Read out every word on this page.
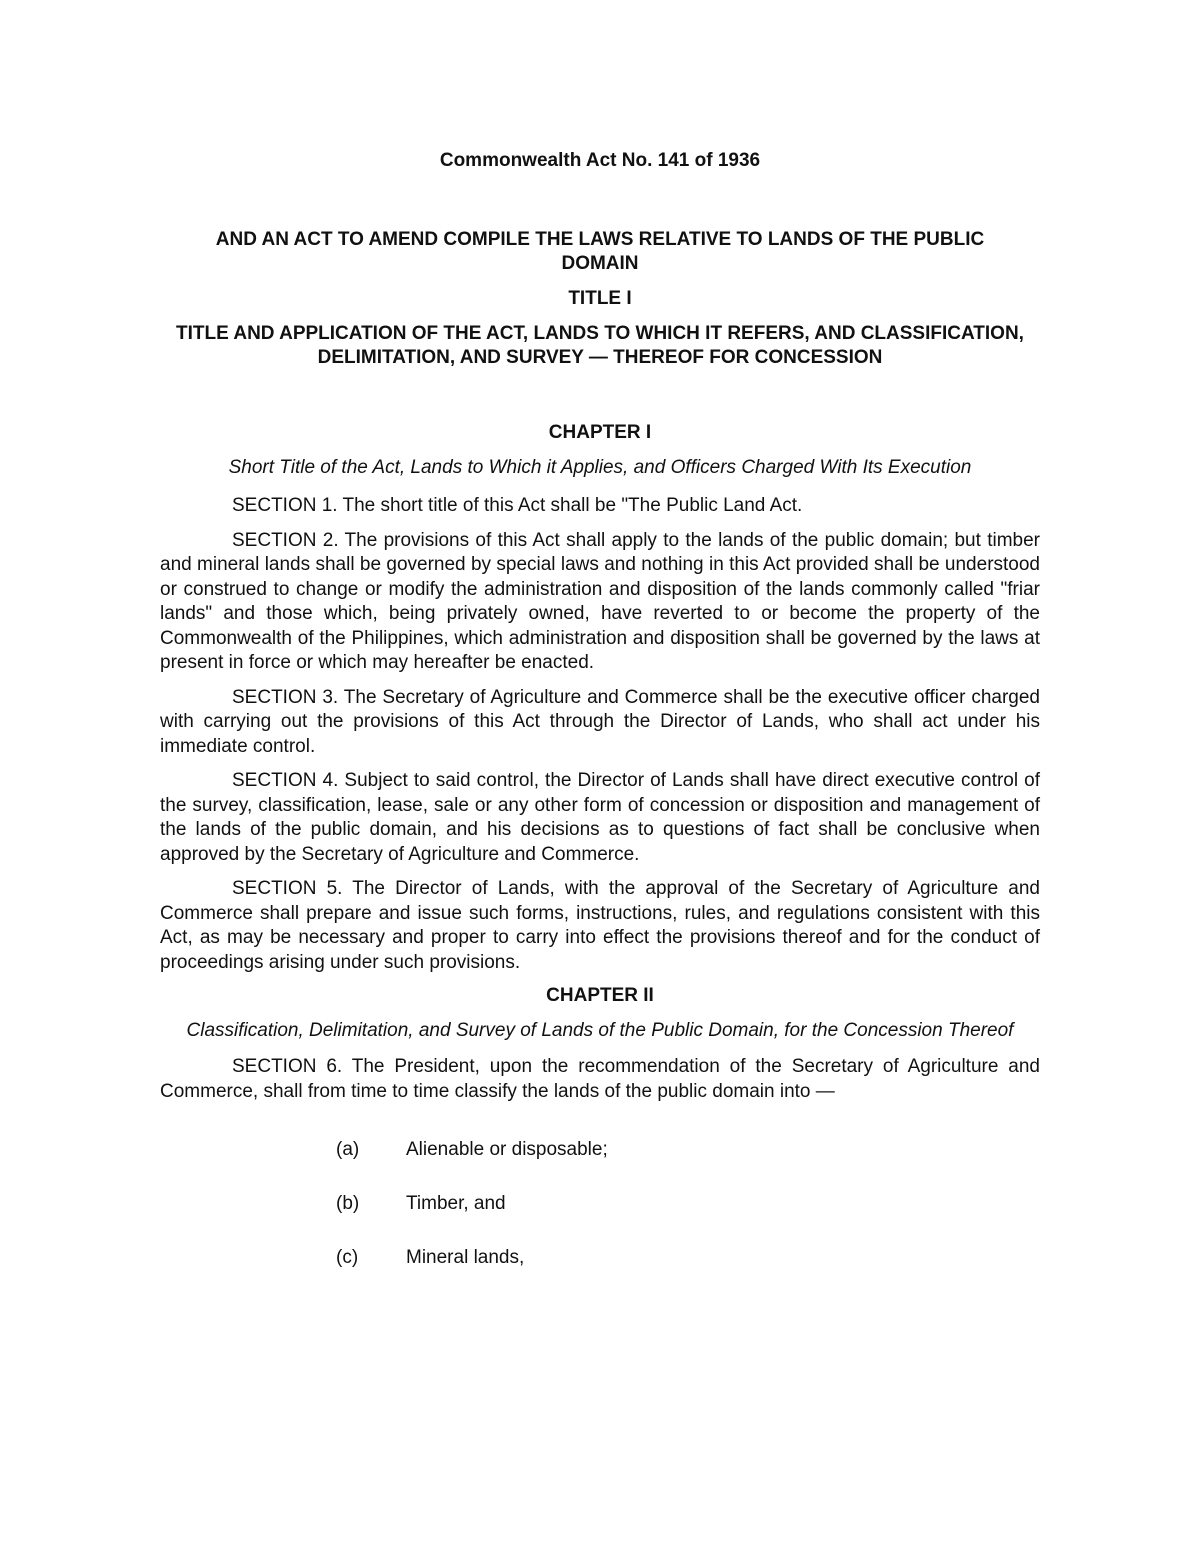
Commonwealth Act No. 141 of 1936

AND AN ACT TO AMEND COMPILE THE LAWS RELATIVE TO LANDS OF THE PUBLIC DOMAIN

TITLE I

TITLE AND APPLICATION OF THE ACT, LANDS TO WHICH IT REFERS, AND CLASSIFICATION, DELIMITATION, AND SURVEY — THEREOF FOR CONCESSION

CHAPTER I

Short Title of the Act, Lands to Which it Applies, and Officers Charged With Its Execution

SECTION 1. The short title of this Act shall be "The Public Land Act.

SECTION 2. The provisions of this Act shall apply to the lands of the public domain; but timber and mineral lands shall be governed by special laws and nothing in this Act provided shall be understood or construed to change or modify the administration and disposition of the lands commonly called "friar lands" and those which, being privately owned, have reverted to or become the property of the Commonwealth of the Philippines, which administration and disposition shall be governed by the laws at present in force or which may hereafter be enacted.

SECTION 3. The Secretary of Agriculture and Commerce shall be the executive officer charged with carrying out the provisions of this Act through the Director of Lands, who shall act under his immediate control.

SECTION 4. Subject to said control, the Director of Lands shall have direct executive control of the survey, classification, lease, sale or any other form of concession or disposition and management of the lands of the public domain, and his decisions as to questions of fact shall be conclusive when approved by the Secretary of Agriculture and Commerce.

SECTION 5. The Director of Lands, with the approval of the Secretary of Agriculture and Commerce shall prepare and issue such forms, instructions, rules, and regulations consistent with this Act, as may be necessary and proper to carry into effect the provisions thereof and for the conduct of proceedings arising under such provisions.

CHAPTER II

Classification, Delimitation, and Survey of Lands of the Public Domain, for the Concession Thereof

SECTION 6. The President, upon the recommendation of the Secretary of Agriculture and Commerce, shall from time to time classify the lands of the public domain into —

(a)	Alienable or disposable;
(b)	Timber, and
(c)	Mineral lands,
